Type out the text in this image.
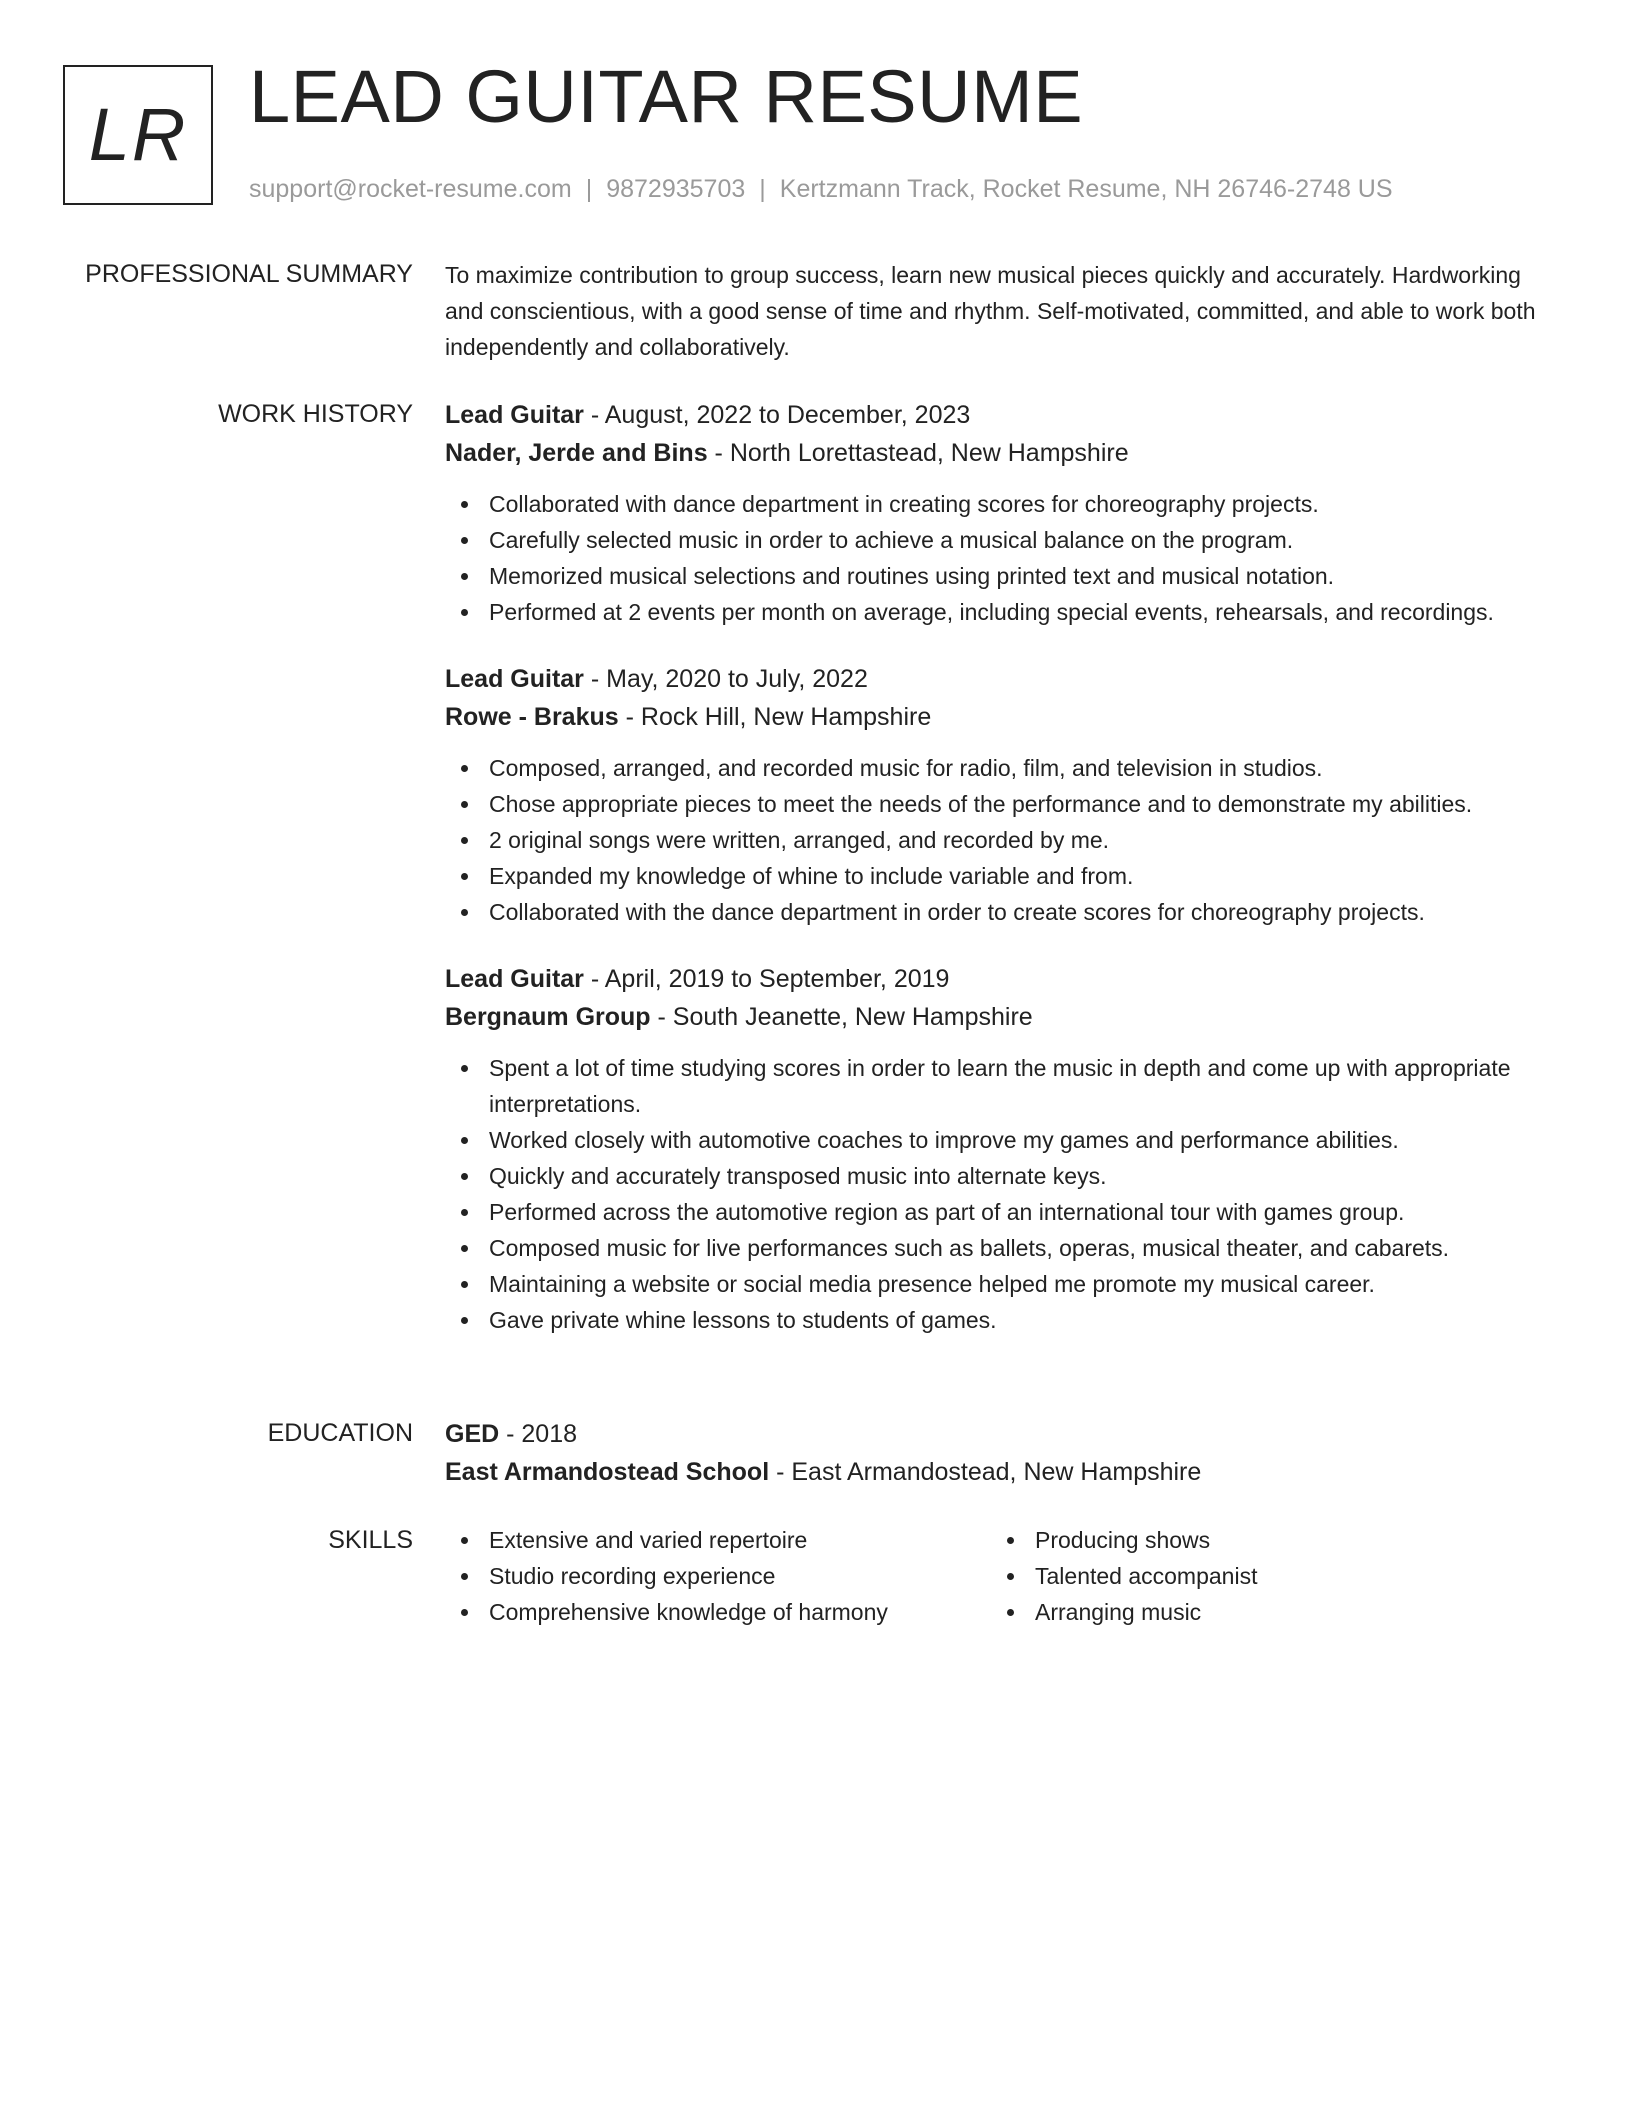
LR LEAD GUITAR RESUME
support@rocket-resume.com | 9872935703 | Kertzmann Track, Rocket Resume, NH 26746-2748 US
PROFESSIONAL SUMMARY To maximize contribution to group success, learn new musical pieces quickly and accurately. Hardworking and conscientious, with a good sense of time and rhythm. Self-motivated, committed, and able to work both independently and collaboratively.

WORK HISTORY Lead Guitar - August, 2022 to December, 2023
Nader, Jerde and Bins - North Lorettastead, New Hampshire
Collaborated with dance department in creating scores for choreography projects.
Carefully selected music in order to achieve a musical balance on the program.
Memorized musical selections and routines using printed text and musical notation.
Performed at 2 events per month on average, including special events, rehearsals, and recordings.
Lead Guitar - May, 2020 to July, 2022
Rowe - Brakus - Rock Hill, New Hampshire
Composed, arranged, and recorded music for radio, film, and television in studios.
Chose appropriate pieces to meet the needs of the performance and to demonstrate my abilities.
2 original songs were written, arranged, and recorded by me.
Expanded my knowledge of whine to include variable and from.
Collaborated with the dance department in order to create scores for choreography projects.
Lead Guitar - April, 2019 to September, 2019
Bergnaum Group - South Jeanette, New Hampshire
Spent a lot of time studying scores in order to learn the music in depth and come up with appropriate interpretations.
Worked closely with automotive coaches to improve my games and performance abilities.
Quickly and accurately transposed music into alternate keys.
Performed across the automotive region as part of an international tour with games group.
Composed music for live performances such as ballets, operas, musical theater, and cabarets.
Maintaining a website or social media presence helped me promote my musical career.
Gave private whine lessons to students of games.
EDUCATION GED - 2018
East Armandostead School - East Armandostead, New Hampshire
SKILLS	Extensive and varied repertoire
Studio recording experience
Comprehensive knowledge of harmony
Producing shows
Talented accompanist
Arranging music
